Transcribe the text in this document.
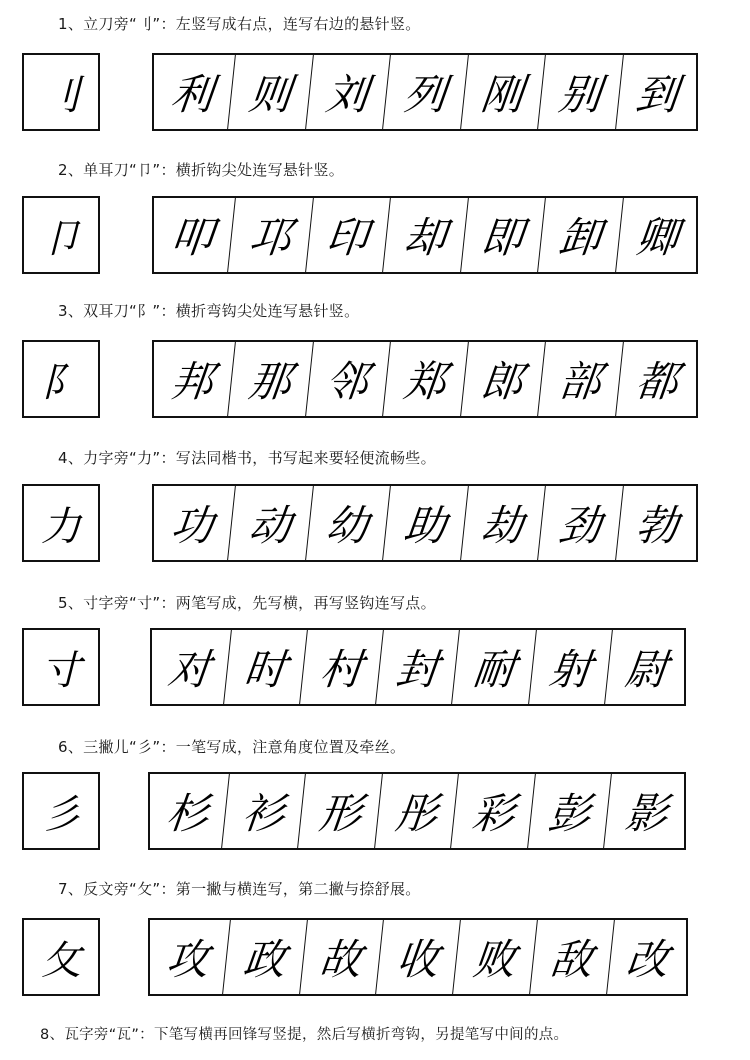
1、立刀旁“刂”：左竖写成右点，连写右边的悬针竖。
刂	利 则 刘 列 刚 别 到
2、单耳刀“卩”：横折钩尖处连写悬针竖。
卩	叩 邛 印 却 即 卸 卿
3、双耳刀“阝”：横折弯钩尖处连写悬针竖。
阝	邦 那 邻 郑 郎 部 都
4、力字旁“力”：写法同楷书，书写起来要轻便流畅些。
力	功 动 幼 助 劫 劲 勃
5、寸字旁“寸”：两笔写成，先写横，再写竖钩连写点。
寸	对 时 村 封 耐 射 尉
6、三撇儿“彡”：一笔写成，注意角度位置及牵丝。
彡	杉 衫 形 彤 彩 彭 影
7、反文旁“攵”：第一撇与横连写，第二撇与捺舒展。
攵	攻 政 故 收 败 敌 改
8、瓦字旁“瓦”：下笔写横再回锋写竖提，然后写横折弯钩，另提笔写中间的点。
